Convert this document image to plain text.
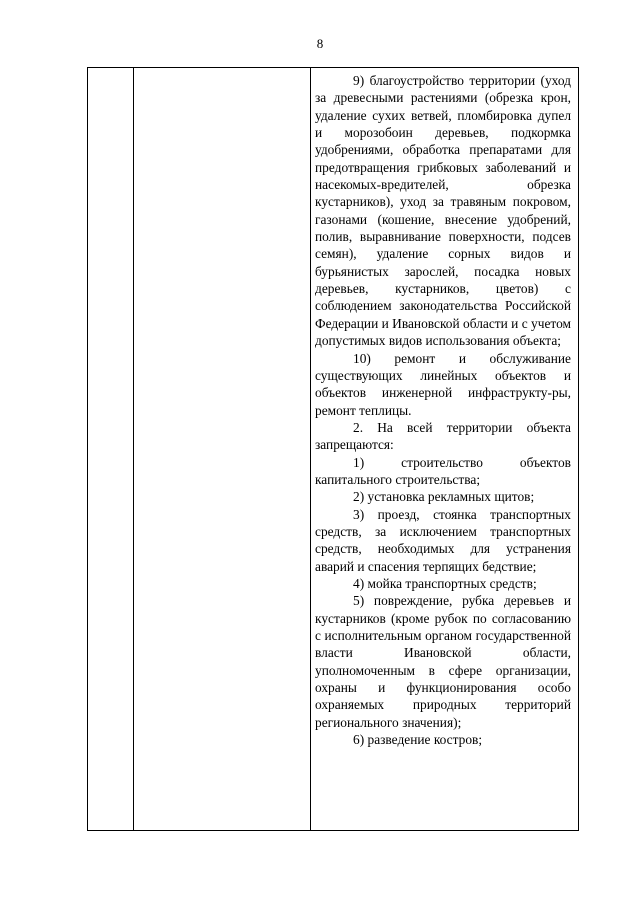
8

9) благоустройство территории (уход за древесными растениями (обрезка крон, удаление сухих ветвей, пломбировка дупел и морозобоин деревьев, подкормка удобрениями, обработка препаратами для предотвращения грибковых заболеваний и насекомых-вредителей, обрезка кустарников), уход за травяным покровом, газонами (кошение, внесение удобрений, полив, выравнивание поверхности, подсев семян), удаление сорных видов и бурьянистых зарослей, посадка новых деревьев, кустарников, цветов) с соблюдением законодательства Российской Федерации и Ивановской области и с учетом допустимых видов использования объекта;

10) ремонт и обслуживание существующих линейных объектов и объектов инженерной инфраструкту-ры, ремонт теплицы.

2. На всей территории объекта запрещаются:

1) строительство объектов капитального строительства;

2) установка рекламных щитов;

3) проезд, стоянка транспортных средств, за исключением транспортных средств, необходимых для устранения аварий и спасения терпящих бедствие;

4) мойка транспортных средств;

5) повреждение, рубка деревьев и кустарников (кроме рубок по согласованию с исполнительным органом государственной власти Ивановской области, уполномоченным в сфере организации, охраны и функционирования особо охраняемых природных территорий регионального значения);

6) разведение костров;
